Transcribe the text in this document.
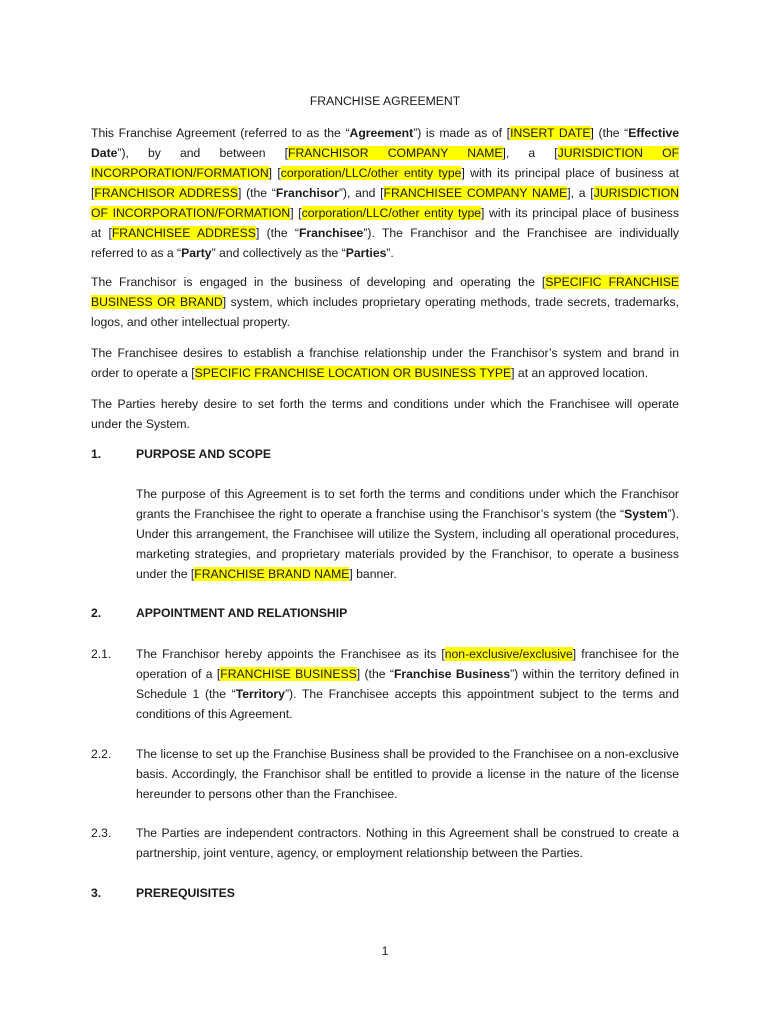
FRANCHISE AGREEMENT

This Franchise Agreement (referred to as the “Agreement”) is made as of [INSERT DATE] (the “Effective Date”), by and between [FRANCHISOR COMPANY NAME], a [JURISDICTION OF INCORPORATION/FORMATION] [corporation/LLC/other entity type] with its principal place of business at [FRANCHISOR ADDRESS] (the “Franchisor”), and [FRANCHISEE COMPANY NAME], a [JURISDICTION OF INCORPORATION/FORMATION] [corporation/LLC/other entity type] with its principal place of business at [FRANCHISEE ADDRESS] (the “Franchisee”). The Franchisor and the Franchisee are individually referred to as a “Party” and collectively as the “Parties”.

The Franchisor is engaged in the business of developing and operating the [SPECIFIC FRANCHISE BUSINESS OR BRAND] system, which includes proprietary operating methods, trade secrets, trademarks, logos, and other intellectual property.

The Franchisee desires to establish a franchise relationship under the Franchisor’s system and brand in order to operate a [SPECIFIC FRANCHISE LOCATION OR BUSINESS TYPE] at an approved location.

The Parties hereby desire to set forth the terms and conditions under which the Franchisee will operate under the System.

1.	PURPOSE AND SCOPE

The purpose of this Agreement is to set forth the terms and conditions under which the Franchisor grants the Franchisee the right to operate a franchise using the Franchisor’s system (the “System”). Under this arrangement, the Franchisee will utilize the System, including all operational procedures, marketing strategies, and proprietary materials provided by the Franchisor, to operate a business under the [FRANCHISE BRAND NAME] banner.

2.	APPOINTMENT AND RELATIONSHIP
2.1. The Franchisor hereby appoints the Franchisee as its [non-exclusive/exclusive] franchisee for the operation of a [FRANCHISE BUSINESS] (the “Franchise Business”) within the territory defined in Schedule 1 (the “Territory”). The Franchisee accepts this appointment subject to the terms and conditions of this Agreement.

2.2. The license to set up the Franchise Business shall be provided to the Franchisee on a non-exclusive basis. Accordingly, the Franchisor shall be entitled to provide a license in the nature of the license hereunder to persons other than the Franchisee.

2.3. The Parties are independent contractors. Nothing in this Agreement shall be construed to create a partnership, joint venture, agency, or employment relationship between the Parties.

3.	PREREQUISITES
1
